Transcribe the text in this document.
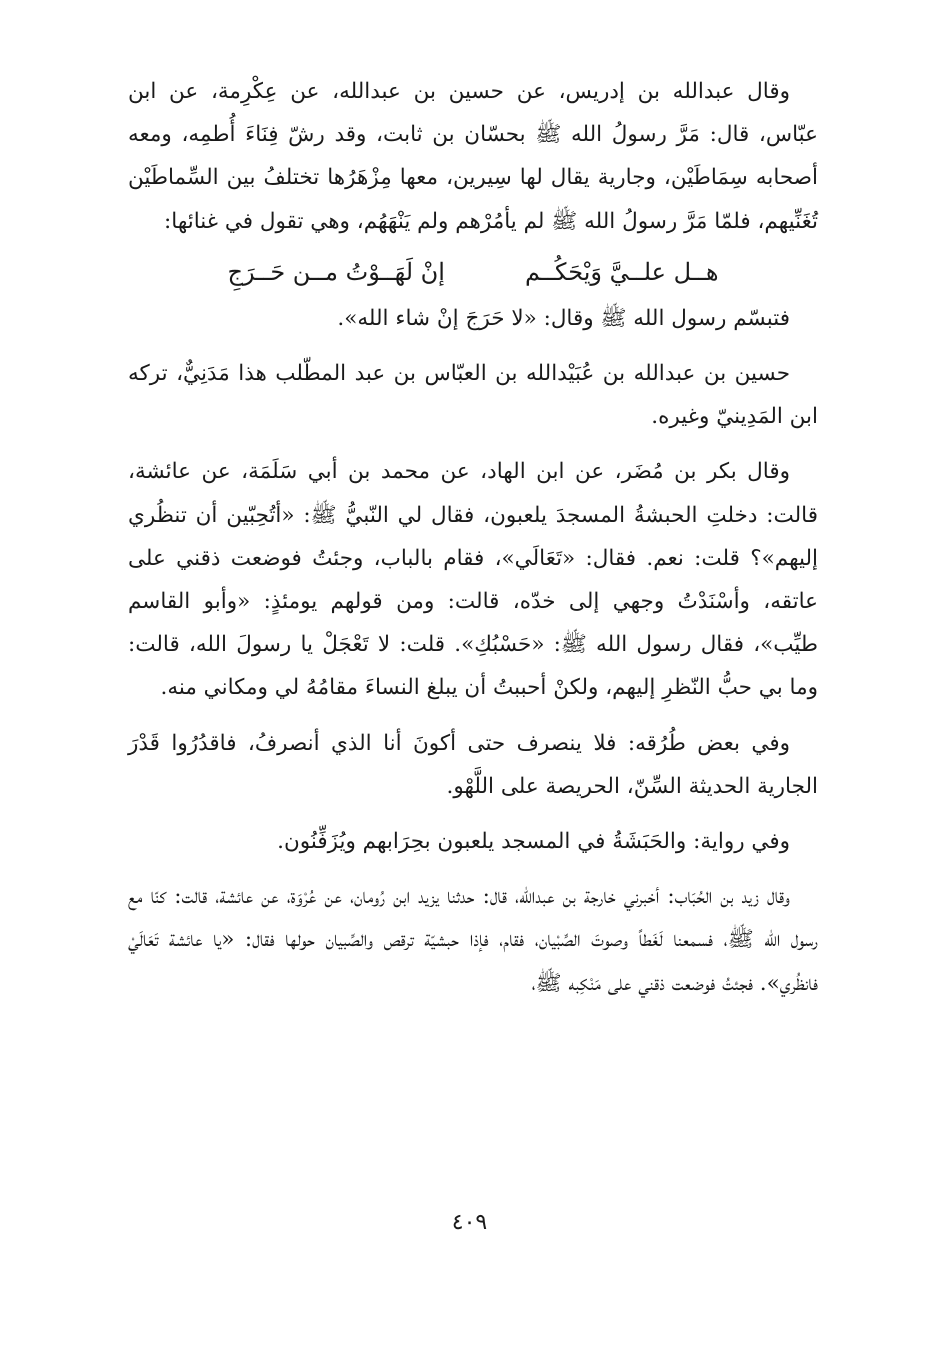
وقال عبدالله بن إدريس، عن حسين بن عبدالله، عن عِكْرِمة، عن ابن عبّاس، قال: مَرَّ رسولُ الله ﷺ بحسّان بن ثابت، وقد رشّ فِنَاءَ أُطمِه، ومعه أصحابه سِمَاطَيْن، وجارية يقال لها سِيرين، معها مِزْهَرُها تختلفُ بين السِّماطَيْن تُغَنِّيهم، فلمّا مَرَّ رسولُ الله ﷺ لم يأمُرْهم ولم يَنْهَهُم، وهي تقول في غنائها:

هــل علــيَّ وَيْحَكُــم
إنْ لَهَــوْتُ مــن حَــرَجِ

فتبسّم رسول الله ﷺ وقال: «لا حَرَجَ إنْ شاء الله».

حسين بن عبدالله بن عُبَيْدالله بن العبّاس بن عبد المطّلب هذا مَدَنِيٌّ، تركه ابن المَدِينيّ وغيره.

وقال بكر بن مُضَر، عن ابن الهاد، عن محمد بن أبي سَلَمَة، عن عائشة، قالت: دخلتِ الحبشةُ المسجدَ يلعبون، فقال لي النّبيُّ ﷺ: «أتُحِبّين أن تنظُري إليهم»؟ قلت: نعم. فقال: «تَعَالَي»، فقام بالباب، وجئتُ فوضعت ذقني على عاتقه، وأسْنَدْتُ وجهي إلى خدّه، قالت: ومن قولهم يومئذٍ: «وأبو القاسم طيِّب»، فقال رسول الله ﷺ: «حَسْبُكِ». قلت: لا تَعْجَلْ يا رسولَ الله، قالت: وما بي حبُّ النّظرِ إليهم، ولكنْ أحببتُ أن يبلغ النساءَ مقامُهُ لي ومكاني منه.

وفي بعض طُرُقه: فلا ينصرف حتى أكونَ أنا الذي أنصرفُ، فاقدُرُوا قَدْرَ الجارية الحديثة السِّنّ، الحريصة على اللَّهْو.

وفي رواية: والحَبَشَةُ في المسجد يلعبون بحِرَابهم ويُزَفِّنُون.

وقال زيد بن الحُبَاب: أخبرني خارجة بن عبدالله، قال: حدثنا يزيد ابن رُومان، عن عُرْوَة، عن عائشة، قالت: كنّا مع رسول الله ﷺ، فسمعنا لَغَطاً وصوتَ الصِّبْيان، فقام، فإذا حبشيّة ترقص والصِّبيان حولها فقال: «يا عائشة تَعَالَيْ فانظُري». فجئتُ فوضعت ذقني على مَنْكِبه ﷺ،

٤٠٩
